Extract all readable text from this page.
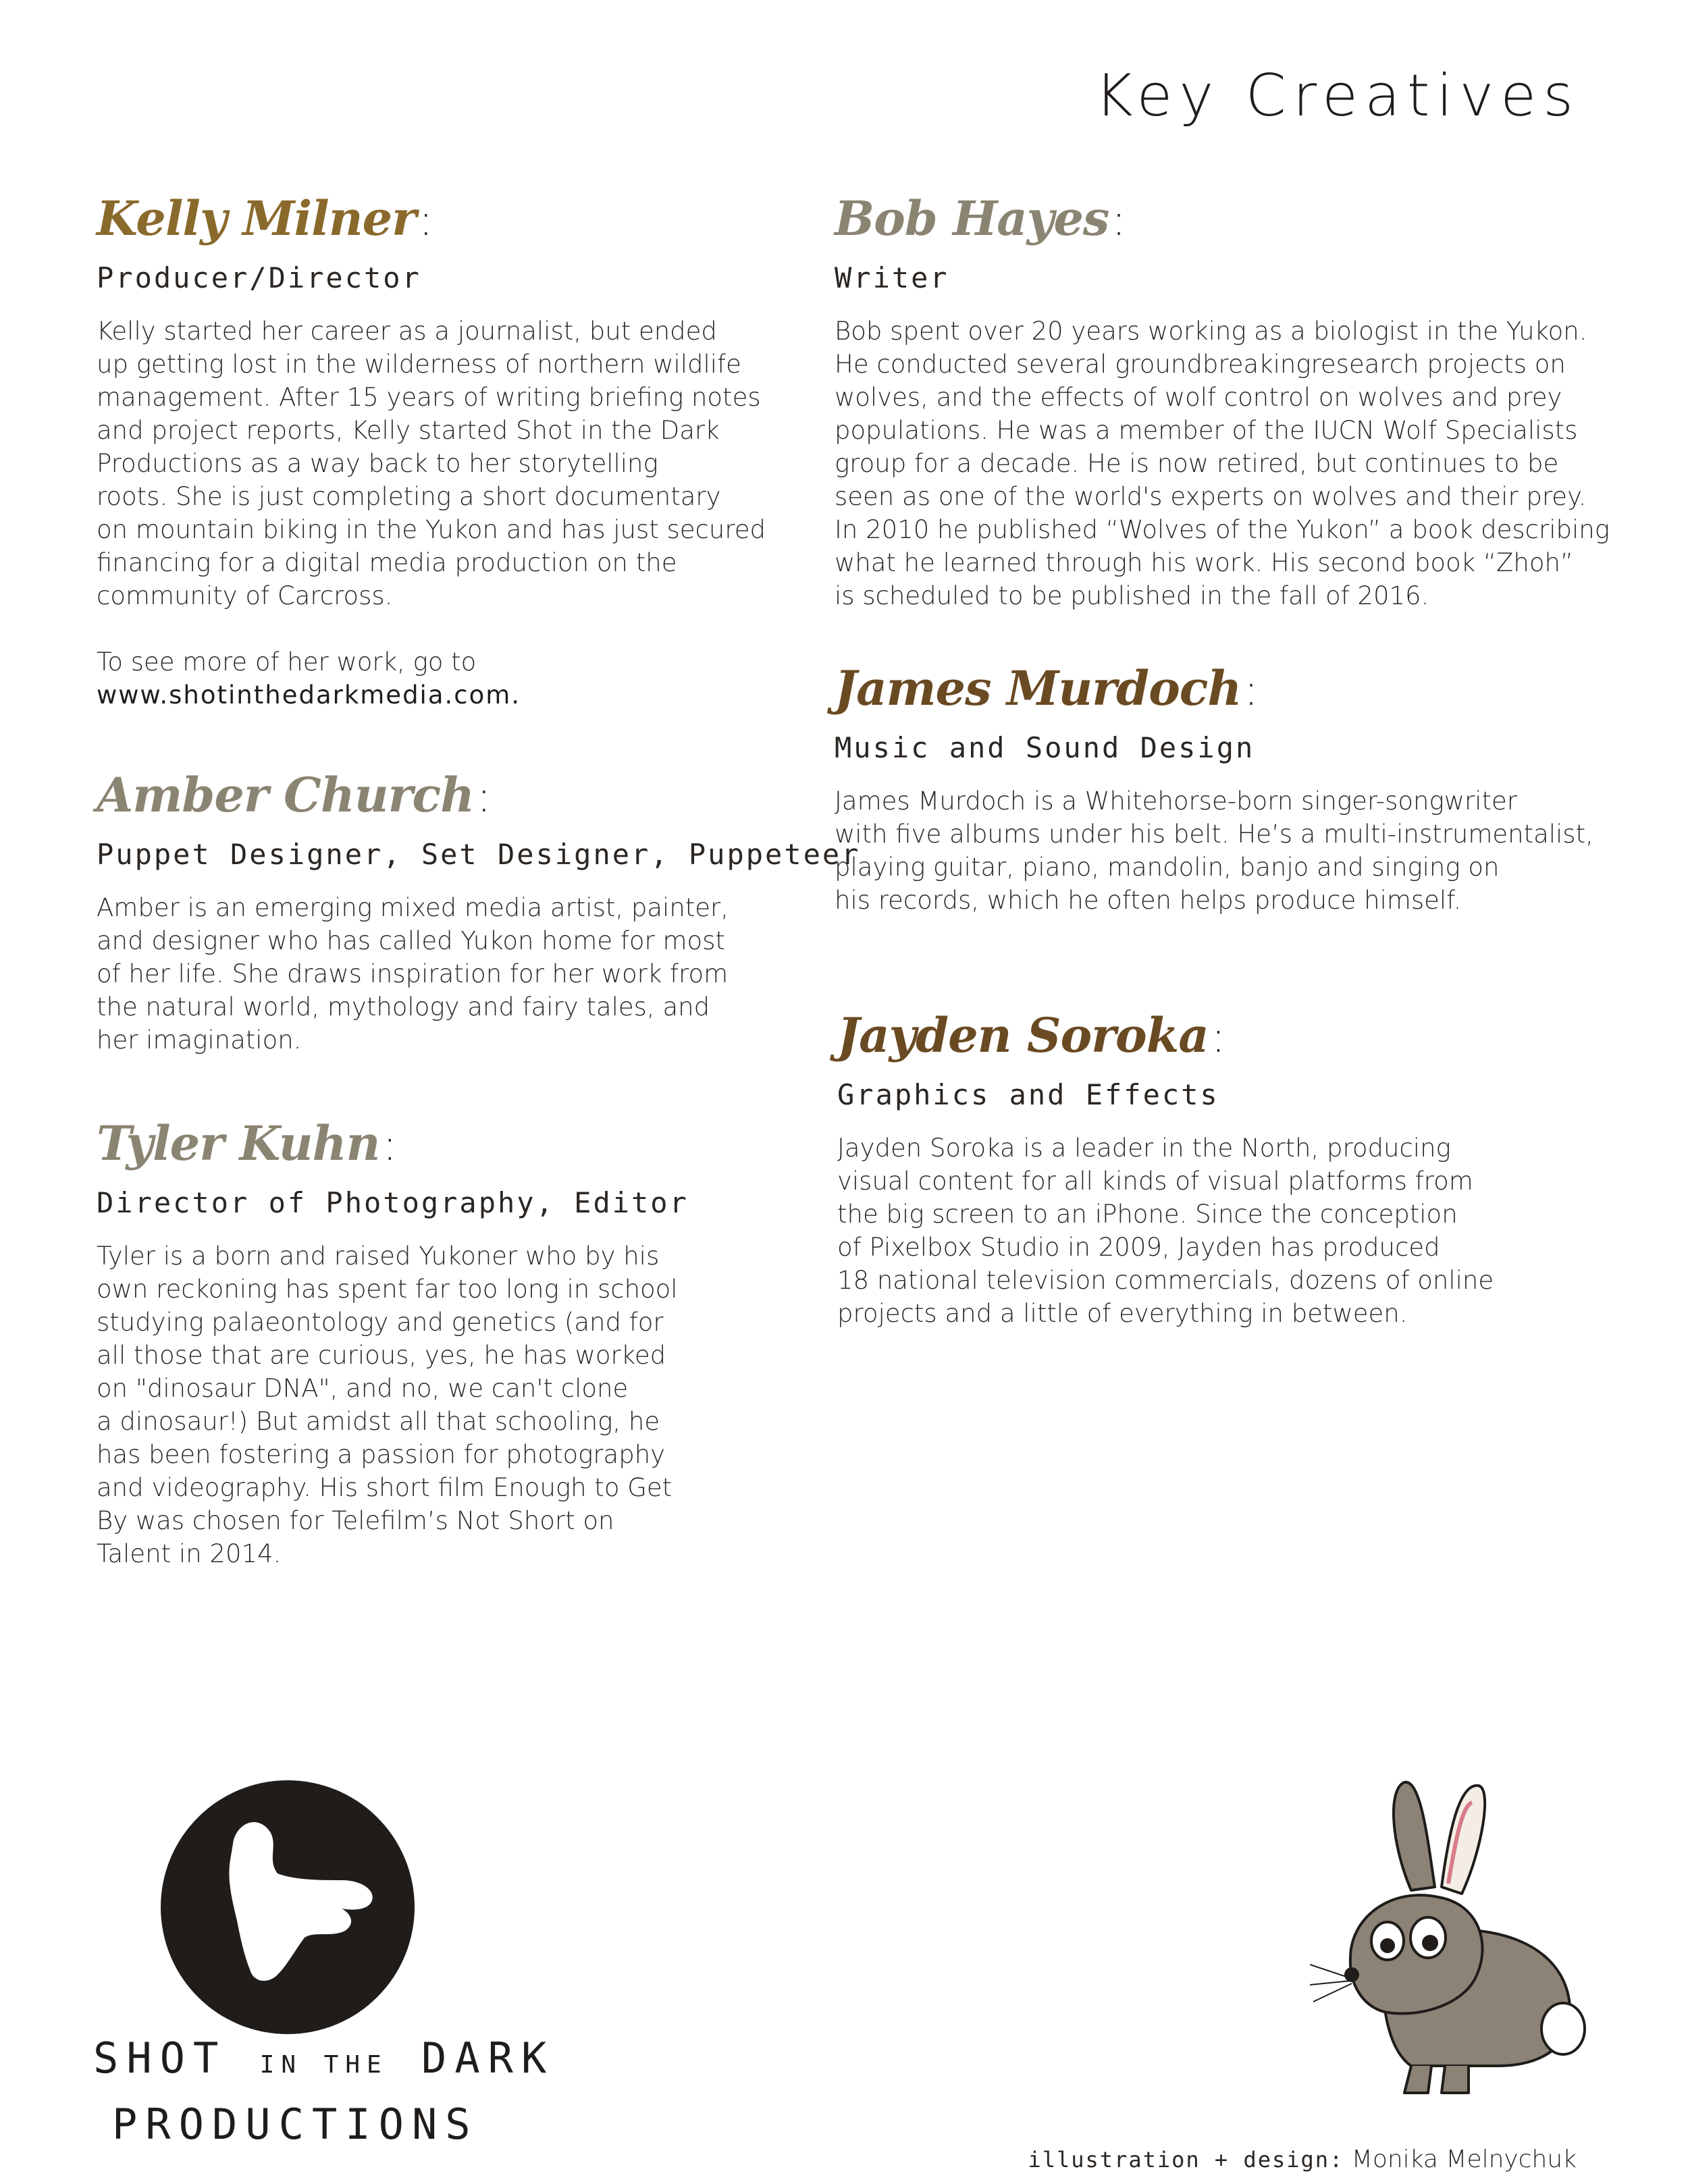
Key Creatives
Kelly Milner:
Producer/Director

Kelly started her career as a journalist, but ended
up getting lost in the wilderness of northern wildlife
management. After 15 years of writing briefing notes
and project reports, Kelly started Shot in the Dark
Productions as a way back to her storytelling
roots. She is just completing a short documentary
on mountain biking in the Yukon and has just secured
financing for a digital media production on the
community of Carcross.

To see more of her work, go to
www.shotinthedarkmedia.com.
Amber Church:
Puppet Designer, Set Designer, Puppeteer

Amber is an emerging mixed media artist, painter,
and designer who has called Yukon home for most
of her life. She draws inspiration for her work from
the natural world, mythology and fairy tales, and
her imagination.

Tyler Kuhn:
Director of Photography, Editor

Tyler is a born and raised Yukoner who by his
own reckoning has spent far too long in school
studying palaeontology and genetics (and for
all those that are curious, yes, he has worked
on "dinosaur DNA", and no, we can't clone
a dinosaur!) But amidst all that schooling, he
has been fostering a passion for photography
and videography. His short film Enough to Get
By was chosen for Telefilm’s Not Short on
Talent in 2014.

Bob Hayes:
Writer

Bob spent over 20 years working as a biologist in the Yukon.
He conducted several groundbreakingresearch projects on
wolves, and the effects of wolf control on wolves and prey
populations. He was a member of the IUCN Wolf Specialists
group for a decade. He is now retired, but continues to be
seen as one of the world's experts on wolves and their prey.
In 2010 he published “Wolves of the Yukon” a book describing
what he learned through his work. His second book “Zhoh”
is scheduled to be published in the fall of 2016.

James Murdoch:
Music and Sound Design

James Murdoch is a Whitehorse-born singer-songwriter
with five albums under his belt. He’s a multi-instrumentalist,
playing guitar, piano, mandolin, banjo and singing on
his records, which he often helps produce himself.

Jayden Soroka:
Graphics and Effects

Jayden Soroka is a leader in the North, producing
visual content for all kinds of visual platforms from
the big screen to an iPhone. Since the conception
of Pixelbox Studio in 2009, Jayden has produced
18 national television commercials, dozens of online
projects and a little of everything in between.

SHOT IN THE DARK
PRODUCTIONS
illustration + design: Monika Melnychuk
